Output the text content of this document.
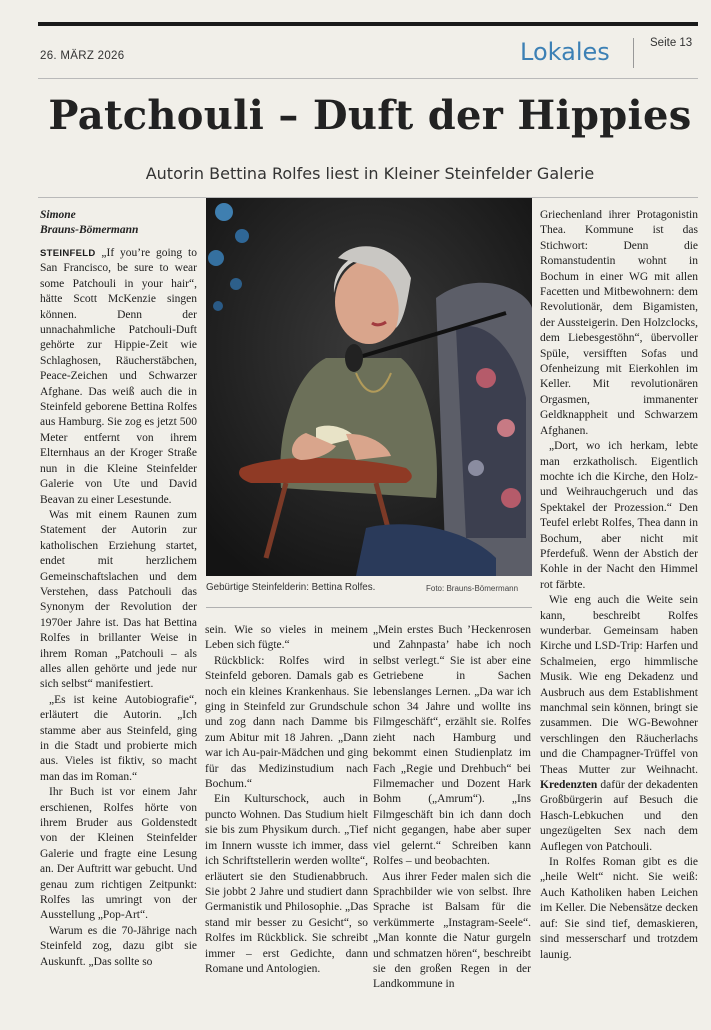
26. MÄRZ 2026	Lokales	Seite 13
Patchouli – Duft der Hippies
Autorin Bettina Rolfes liest in Kleiner Steinfelder Galerie
Simone
Brauns-Bömermann

STEINFELD „If you’re going to San Francisco, be sure to wear some Patchouli in your hair“, hätte Scott McKenzie singen können. Denn der unnachahmliche Patchouli-Duft gehörte zur Hippie-Zeit wie Schlaghosen, Räucherstäbchen, Peace-Zeichen und Schwarzer Afghane. Das weiß auch die in Steinfeld geborene Bettina Rolfes aus Hamburg. Sie zog es jetzt 500 Meter entfernt von ihrem Elternhaus an der Kroger Straße nun in die Kleine Steinfelder Galerie von Ute und David Beavan zu einer Lesestunde.

Was mit einem Raunen zum Statement der Autorin zur katholischen Erziehung startet, endet mit herzlichem Gemeinschaftslachen und dem Verstehen, dass Patchouli das Synonym der Revolution der 1970er Jahre ist. Das hat Bettina Rolfes in brillanter Weise in ihrem Roman „Patchouli – als alles allen gehörte und jede nur sich selbst“ manifestiert.

„Es ist keine Autobiografie“, erläutert die Autorin. „Ich stamme aber aus Steinfeld, ging in die Stadt und probierte mich aus. Vieles ist fiktiv, so macht man das im Roman.“

Ihr Buch ist vor einem Jahr erschienen, Rolfes hörte von ihrem Bruder aus Goldenstedt von der Kleinen Steinfelder Galerie und fragte eine Lesung an. Der Auftritt war gebucht. Und genau zum richtigen Zeitpunkt: Rolfes las umringt von der Ausstellung „Pop-Art“.

Warum es die 70-Jährige nach Steinfeld zog, dazu gibt sie Auskunft. „Das sollte so

Gebürtige Steinfelderin: Bettina Rolfes.	Foto: Brauns-Bömermann

sein. Wie so vieles in meinem Leben sich fügte.“

Rückblick: Rolfes wird in Steinfeld geboren. Damals gab es noch ein kleines Krankenhaus. Sie ging in Steinfeld zur Grundschule und zog dann nach Damme bis zum Abitur mit 18 Jahren. „Dann war ich Au-pair-Mädchen und ging für das Medizinstudium nach Bochum.“

Ein Kulturschock, auch in puncto Wohnen. Das Studium hielt sie bis zum Physikum durch. „Tief im Innern wusste ich immer, dass ich Schriftstellerin werden wollte“, erläutert sie den Studienabbruch. Sie jobbt 2 Jahre und studiert dann Germanistik und Philosophie. „Das stand mir besser zu Gesicht“, so Rolfes im Rückblick. Sie schreibt immer – erst Gedichte, dann Romane und Antologien.

„Mein erstes Buch ’Heckenrosen und Zahnpasta’ habe ich noch selbst verlegt.“ Sie ist aber eine Getriebene in Sachen lebenslanges Lernen. „Da war ich schon 34 Jahre und wollte ins Filmgeschäft“, erzählt sie. Rolfes zieht nach Hamburg und bekommt einen Studienplatz im Fach „Regie und Drehbuch“ bei Filmemacher und Dozent Hark Bohm („Amrum“). „Ins Filmgeschäft bin ich dann doch nicht gegangen, habe aber super viel gelernt.“ Schreiben kann Rolfes – und beobachten.

Aus ihrer Feder malen sich die Sprachbilder wie von selbst. Ihre Sprache ist Balsam für die verkümmerte „Instagram-Seele“. „Man konnte die Natur gurgeln und schmatzen hören“, beschreibt sie den großen Regen in der Landkommune in

Griechenland ihrer Protagonistin Thea. Kommune ist das Stichwort: Denn die Romanstudentin wohnt in Bochum in einer WG mit allen Facetten und Mitbewohnern: dem Revolutionär, dem Bigamisten, der Aussteigerin. Den Holzclocks, dem Liebesgestöhn“, übervoller Spüle, versifften Sofas und Ofenheizung mit Eierkohlen im Keller. Mit revolutionären Orgasmen, immanenter Geldknappheit und Schwarzem Afghanen.

„Dort, wo ich herkam, lebte man erzkatholisch. Eigentlich mochte ich die Kirche, den Holz- und Weihrauchgeruch und das Spektakel der Prozession.“ Den Teufel erlebt Rolfes, Thea dann in Bochum, aber nicht mit Pferdefuß. Wenn der Abstich der Kohle in der Nacht den Himmel rot färbte.

Wie eng auch die Weite sein kann, beschreibt Rolfes wunderbar. Gemeinsam haben Kirche und LSD-Trip: Harfen und Schalmeien, ergo himmlische Musik. Wie eng Dekadenz und Ausbruch aus dem Establishment manchmal sein können, bringt sie zusammen. Die WG-Bewohner verschlingen den Räucherlachs und die Champagner-Trüffel von Theas Mutter zur Weihnacht. Kredenzten dafür der dekadenten Großbürgerin auf Besuch die Hasch-Lebkuchen und den ungezügelten Sex nach dem Auflegen von Patchouli.

In Rolfes Roman gibt es die „heile Welt“ nicht. Sie weiß: Auch Katholiken haben Leichen im Keller. Die Nebensätze decken auf: Sie sind tief, demaskieren, sind messerscharf und trotzdem launig.
